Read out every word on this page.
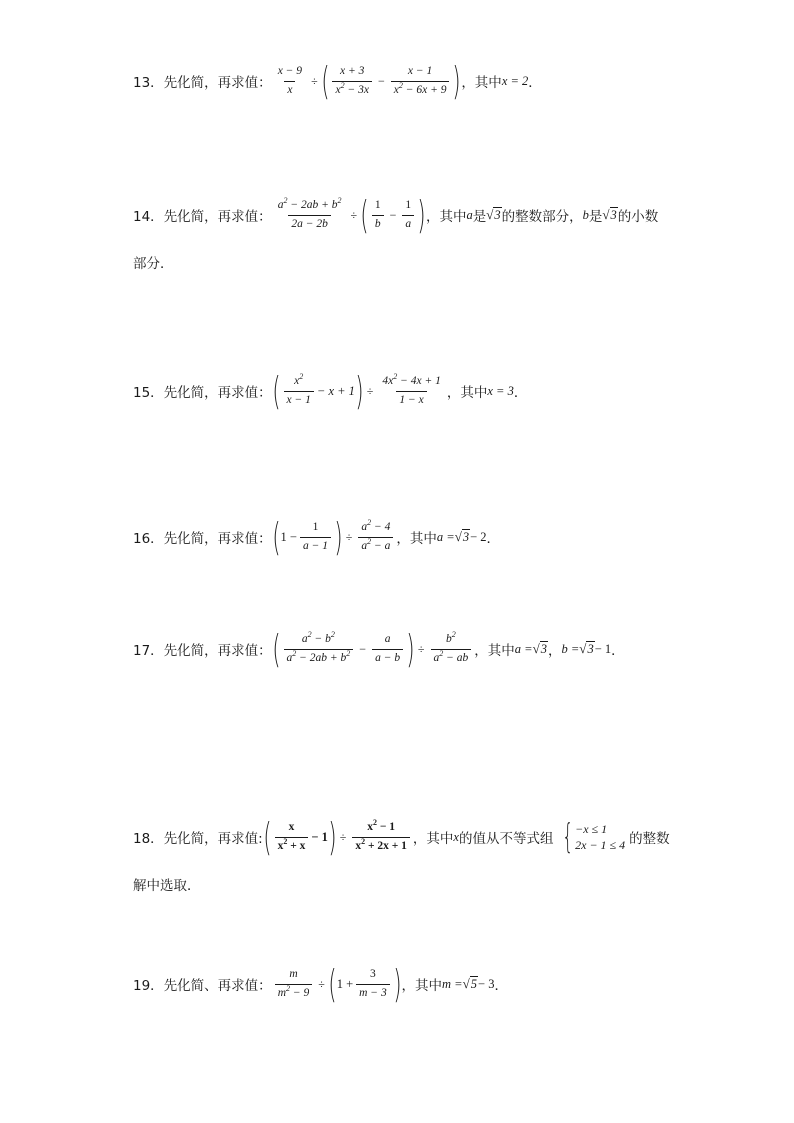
13． 先化简，再求值： $\frac{x - 9}{x}$ ÷ ( $\frac{x + 3}{x^2 - 3x} - \frac{x - 1}{x^2 - 6x + 9}$ ) ，其中 x = 2 ．
14． 先化简，再求值： $\frac{a^2 - 2ab + b^2}{2a - 2b}$ ÷ ( $\frac{1}{b} - \frac{1}{a}$ ) ，其中 a 是 √ 3 的整数部分， b 是 √ 3 的小数
部分．
15． 先化简，再求值： ( $\frac{x^2}{x - 1} - x + 1$ ) ÷ $\frac{4x^2 - 4x + 1}{1 - x}$ ，其中 x = 3 ．
16． 先化简，再求值： ( $1 - \frac{1}{a - 1}$ ) ÷ $\frac{a^2 - 4}{a^2 - a}$ ，其中 a = √ 3 − 2 ．
17． 先化简，再求值： ( $\frac{a^2 - b^2}{a^2 - 2ab + b^2} - \frac{a}{a - b}$ ) ÷ $\frac{b^2}{a^2 - ab}$ ，其中 a = √ 3 ， b = √ 3 − 1 ．
18． 先化简，再求值: ( $\frac{x}{x^2 + x} - 1$ ) ÷ $\frac{x^2 - 1}{x^2 + 2x + 1}$ ，其中 x 的值从不等式组 { −x ≤ 1
2x − 1 ≤ 4 的整数
解中选取．
19． 先化简、再求值： $\frac{m}{m^2 - 9}$ ÷ ( $1 + \frac{3}{m - 3}$ ) ，其中 m = √ 5 − 3 ．
